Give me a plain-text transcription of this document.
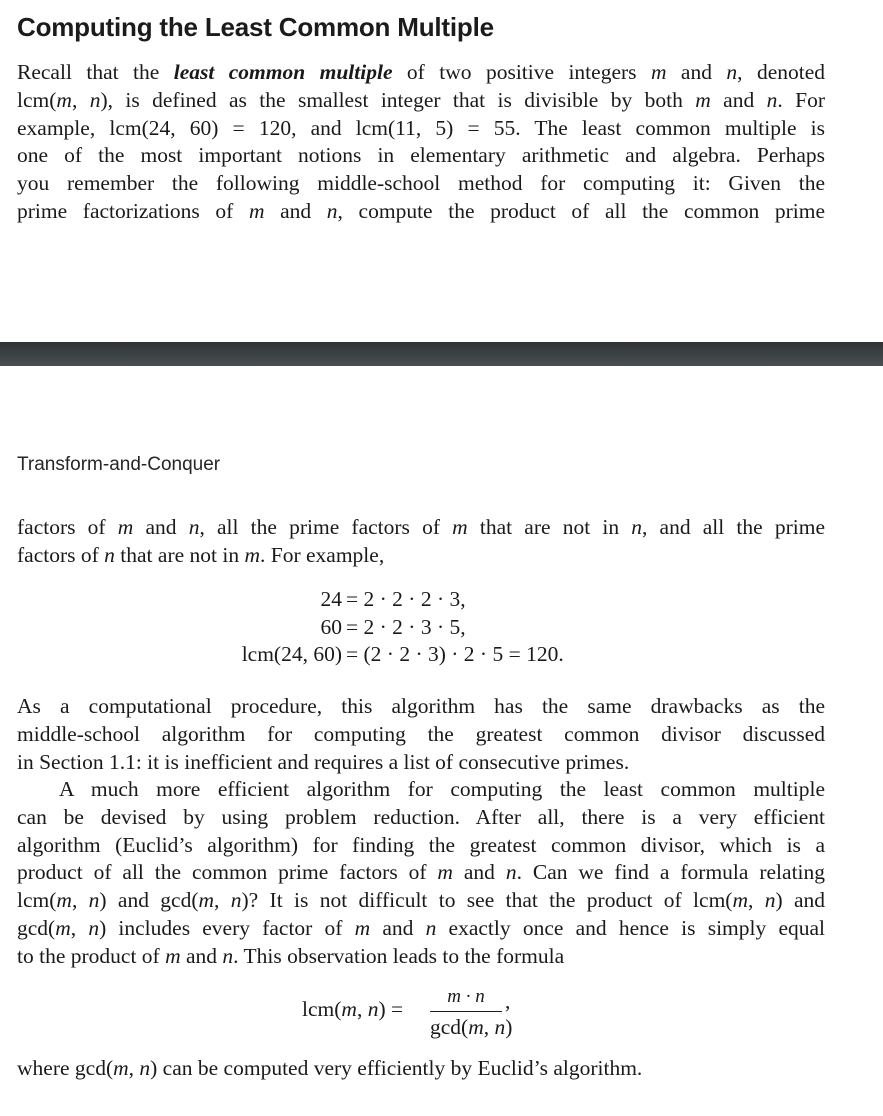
Computing the Least Common Multiple

Recall that the least common multiple of two positive integers m and n, denoted
lcm(m, n), is defined as the smallest integer that is divisible by both m and n. For
example, lcm(24, 60) = 120, and lcm(11, 5) = 55. The least common multiple is
one of the most important notions in elementary arithmetic and algebra. Perhaps
you remember the following middle-school method for computing it: Given the
prime factorizations of m and n, compute the product of all the common prime

Transform-and-Conquer

factors of m and n, all the prime factors of m that are not in n, and all the prime
factors of n that are not in m. For example,

24 = 2 · 2 · 2 · 3,
60 = 2 · 2 · 3 · 5,
lcm(24, 60) = (2 · 2 · 3) · 2 · 5 = 120.

As a computational procedure, this algorithm has the same drawbacks as the
middle-school algorithm for computing the greatest common divisor discussed
in Section 1.1: it is inefficient and requires a list of consecutive primes.

A much more efficient algorithm for computing the least common multiple
can be devised by using problem reduction. After all, there is a very efficient
algorithm (Euclid’s algorithm) for finding the greatest common divisor, which is a
product of all the common prime factors of m and n. Can we find a formula relating
lcm(m, n) and gcd(m, n)? It is not difficult to see that the product of lcm(m, n) and
gcd(m, n) includes every factor of m and n exactly once and hence is simply equal
to the product of m and n. This observation leads to the formula

lcm(m, n) =
m · n
gcd(m, n)
,

where gcd(m, n) can be computed very efficiently by Euclid’s algorithm.
